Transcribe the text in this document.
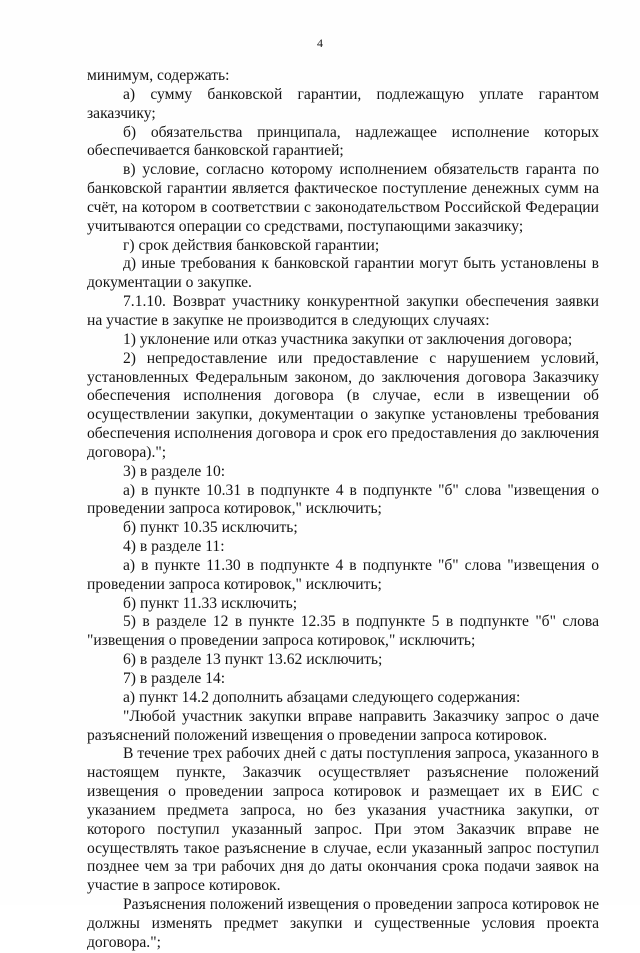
4

минимум, содержать:

а) сумму банковской гарантии, подлежащую уплате гарантом заказчику;

б) обязательства принципала, надлежащее исполнение которых обеспечивается банковской гарантией;

в) условие, согласно которому исполнением обязательств гаранта по банковской гарантии является фактическое поступление денежных сумм на счёт, на котором в соответствии с законодательством Российской Федерации учитываются операции со средствами, поступающими заказчику;

г) срок действия банковской гарантии;

д) иные требования к банковской гарантии могут быть установлены в документации о закупке.

7.1.10. Возврат участнику конкурентной закупки обеспечения заявки на участие в закупке не производится в следующих случаях:

1) уклонение или отказ участника закупки от заключения договора;

2) непредоставление или предоставление с нарушением условий, установленных Федеральным законом, до заключения договора Заказчику обеспечения исполнения договора (в случае, если в извещении об осуществлении закупки, документации о закупке установлены требования обеспечения исполнения договора и срок его предоставления до заключения договора).";

3) в разделе 10:

а) в пункте 10.31 в подпункте 4 в подпункте "б" слова "извещения о проведении запроса котировок," исключить;

б) пункт 10.35 исключить;

4) в разделе 11:

а) в пункте 11.30 в подпункте 4 в подпункте "б" слова "извещения о проведении запроса котировок," исключить;

б) пункт 11.33 исключить;

5) в разделе 12 в пункте 12.35 в подпункте 5 в подпункте "б" слова "извещения о проведении запроса котировок," исключить;

6) в разделе 13 пункт 13.62 исключить;

7) в разделе 14:

а) пункт 14.2 дополнить абзацами следующего содержания:

"Любой участник закупки вправе направить Заказчику запрос о даче разъяснений положений извещения о проведении запроса котировок.

В течение трех рабочих дней с даты поступления запроса, указанного в настоящем пункте, Заказчик осуществляет разъяснение положений извещения о проведении запроса котировок и размещает их в ЕИС с указанием предмета запроса, но без указания участника закупки, от которого поступил указанный запрос. При этом Заказчик вправе не осуществлять такое разъяснение в случае, если указанный запрос поступил позднее чем за три рабочих дня до даты окончания срока подачи заявок на участие в запросе котировок.

Разъяснения положений извещения о проведении запроса котировок не должны изменять предмет закупки и существенные условия проекта договора.";
